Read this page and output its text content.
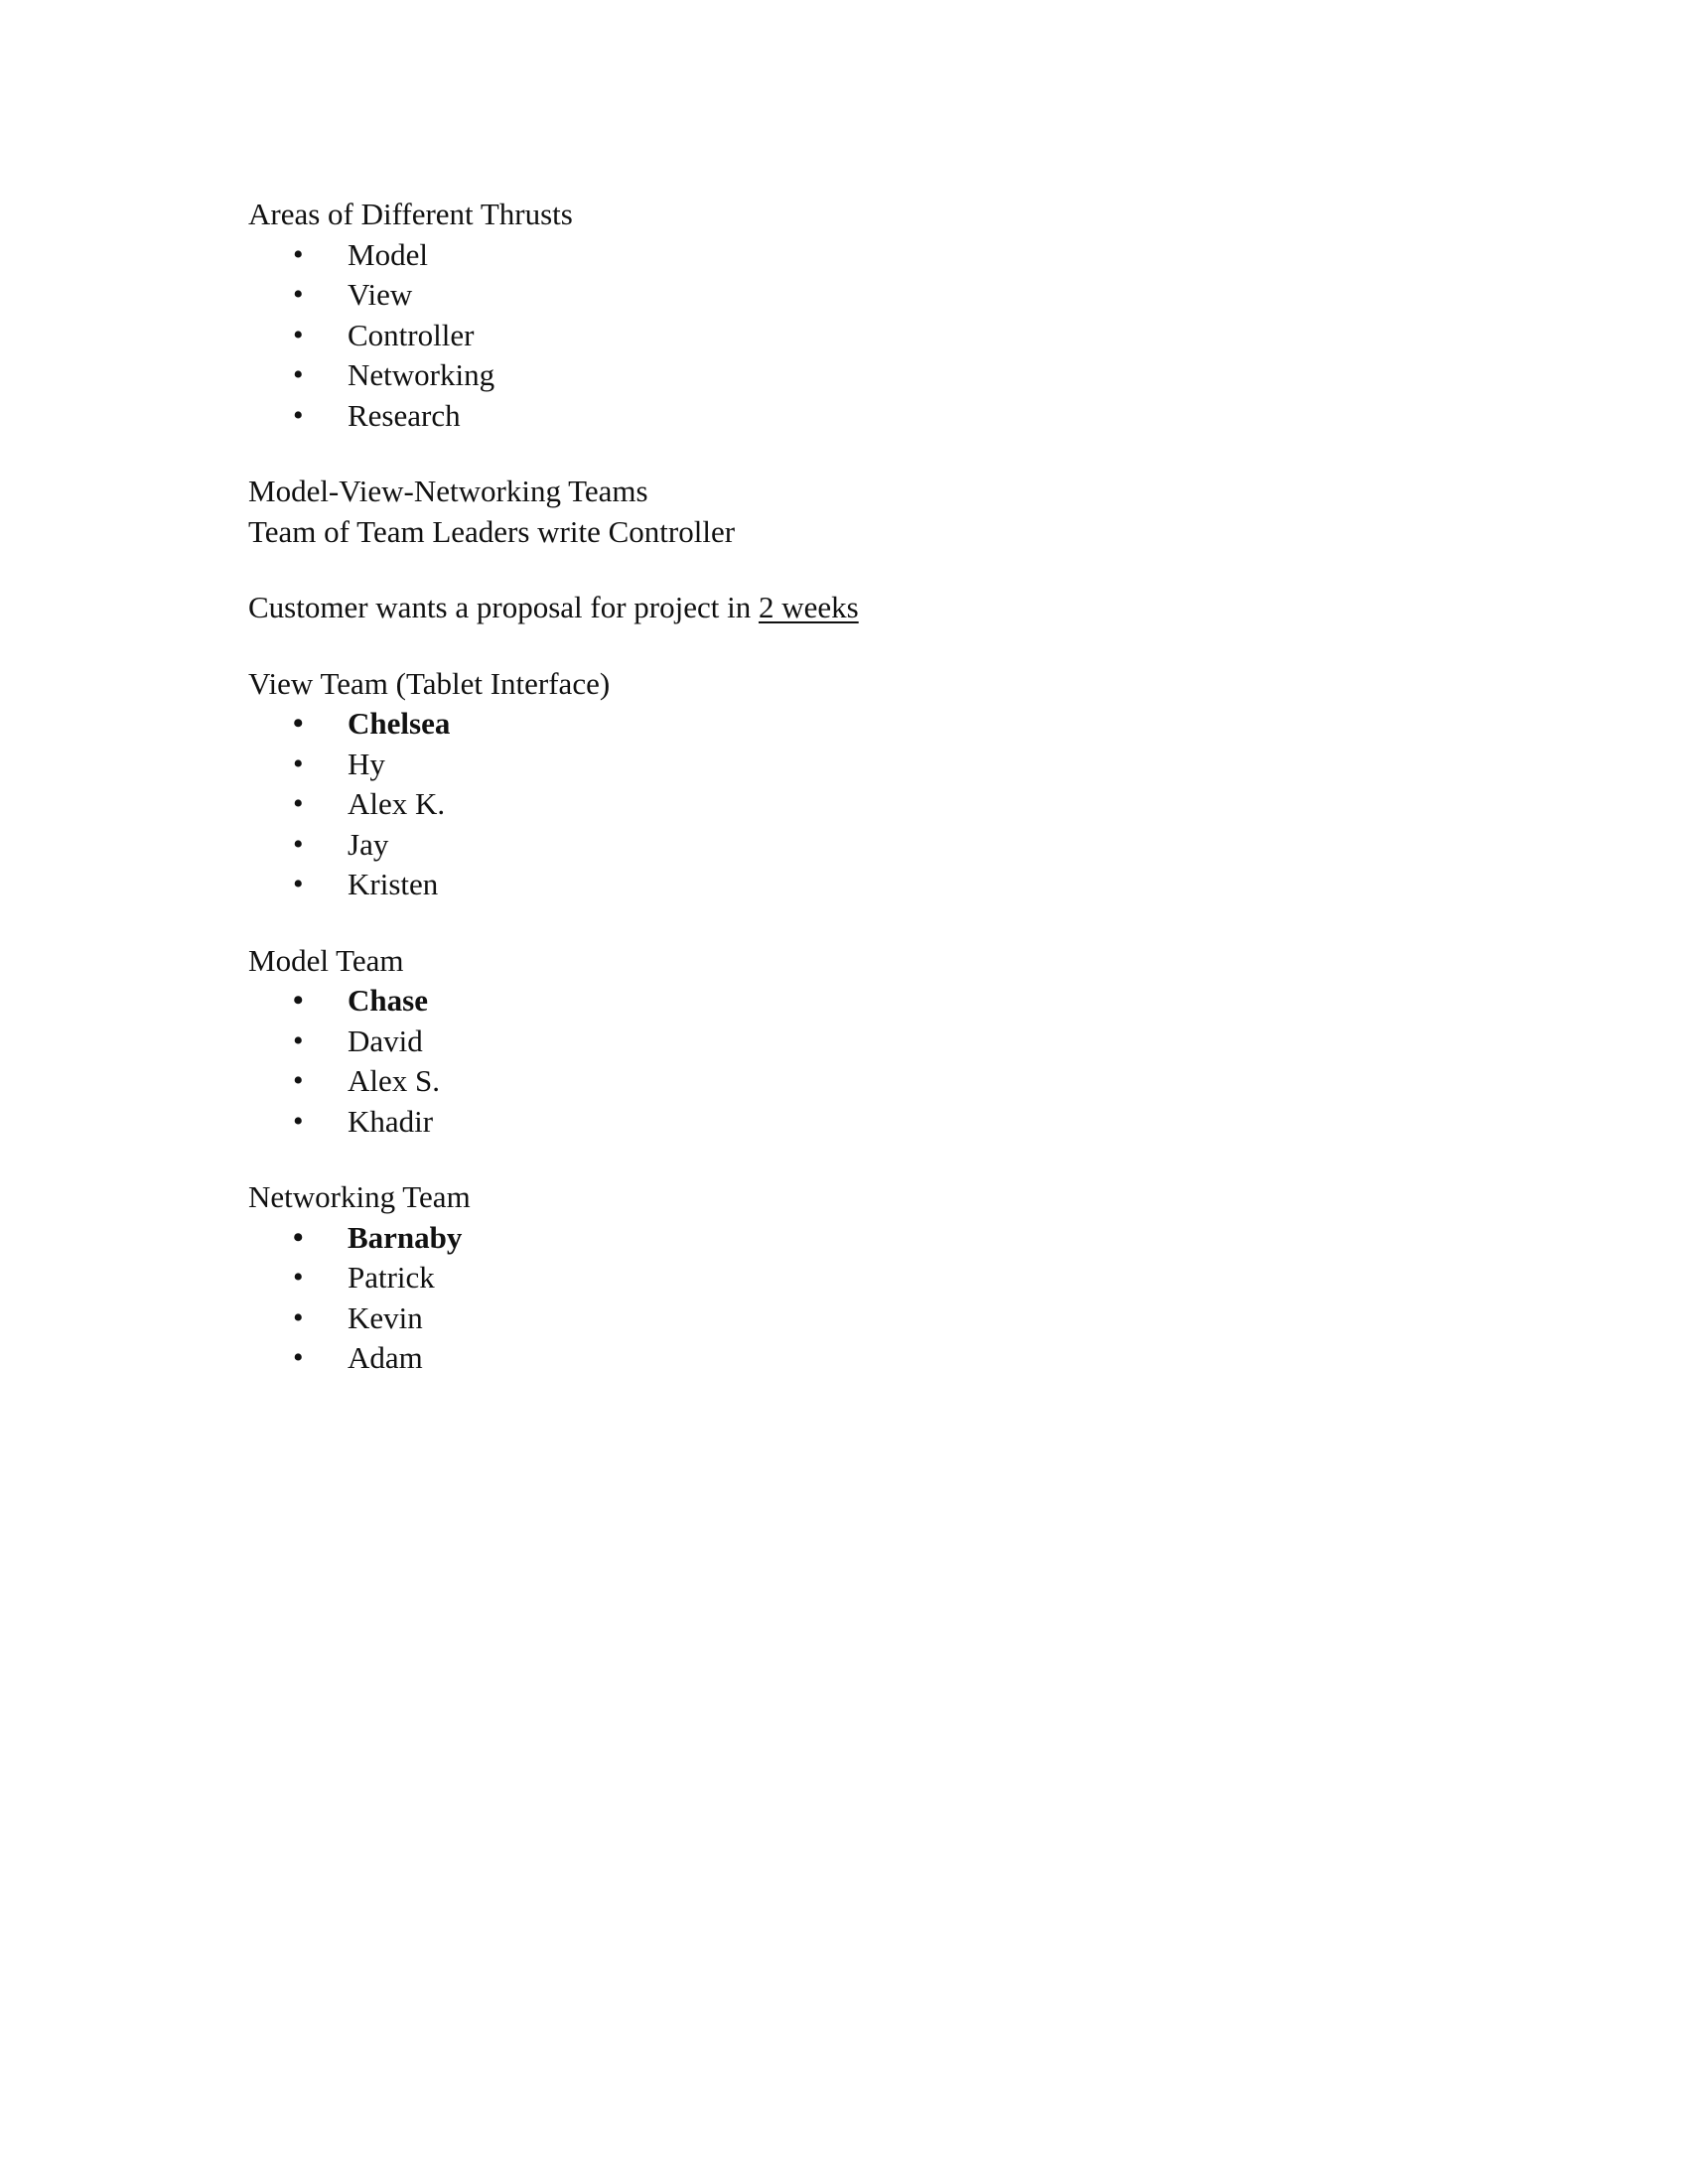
Areas of Different Thrusts
• Model
• View
• Controller
• Networking
• Research
Model-View-Networking Teams
Team of Team Leaders write Controller
Customer wants a proposal for project in 2 weeks
View Team (Tablet Interface)
• Chelsea
• Hy
• Alex K.
• Jay
• Kristen
Model Team
• Chase
• David
• Alex S.
• Khadir
Networking Team
• Barnaby
• Patrick
• Kevin
• Adam
